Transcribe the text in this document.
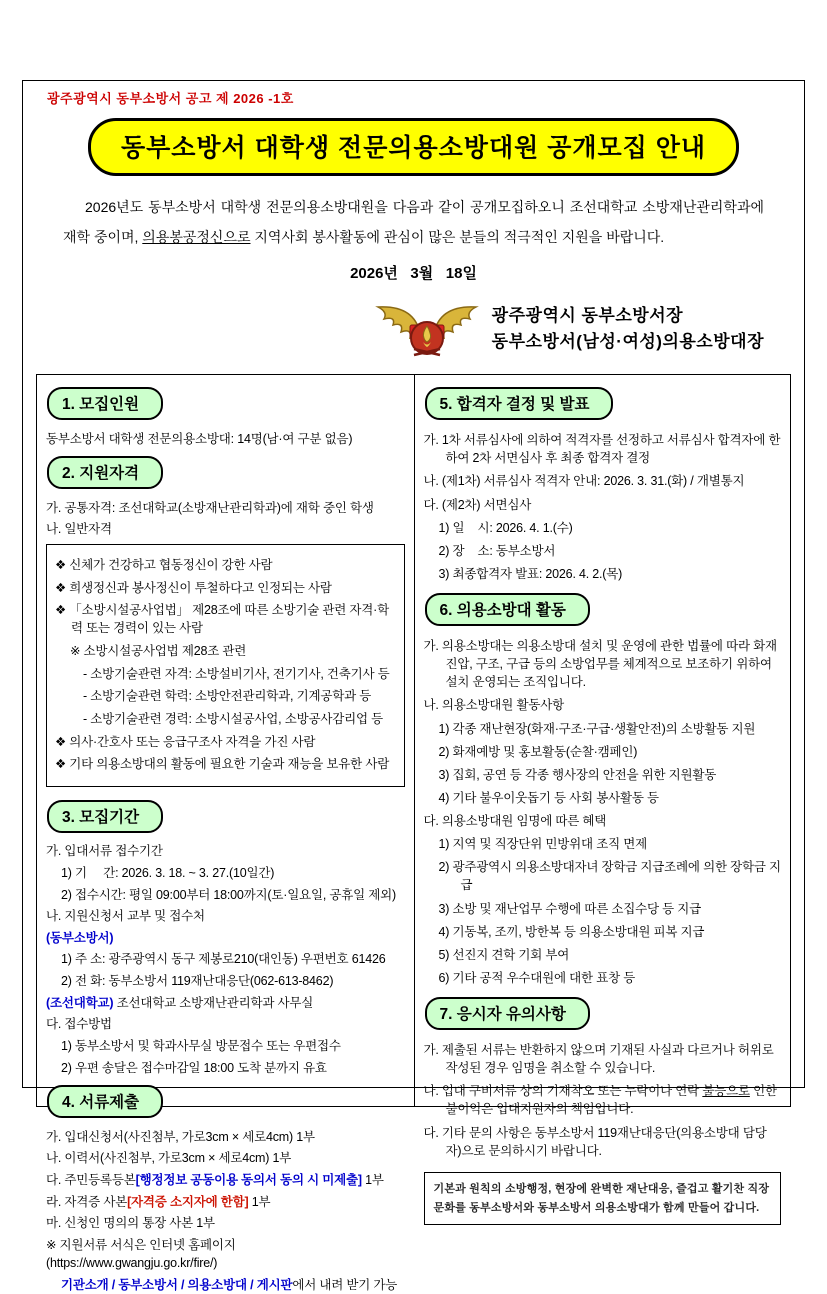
광주광역시 동부소방서 공고 제 2026 -1호
동부소방서 대학생 전문의용소방대원 공개모집 안내

2026년도 동부소방서 대학생 전문의용소방대원을 다음과 같이 공개모집하오니 조선대학교 소방재난관리학과에 재학 중이며, 의용봉공정신으로 지역사회 봉사활동에 관심이 많은 분들의 적극적인 지원을 바랍니다.

2026년   3월   18일
광주광역시 동부소방서장
동부소방서(남성·여성)의용소방대장
1. 모집인원
동부소방서 대학생 전문의용소방대: 14명(남·여 구분 없음)
2. 지원자격
가. 공통자격: 조선대학교(소방재난관리학과)에 재학 중인 학생
나. 일반자격
❖ 신체가 건강하고 협동정신이 강한 사람
❖ 희생정신과 봉사정신이 투철하다고 인정되는 사람
❖ 「소방시설공사업법」 제28조에 따른 소방기술 관련 자격·학력 또는 경력이 있는 사람
※ 소방시설공사업법 제28조 관련
- 소방기술관련 자격: 소방설비기사, 전기기사, 건축기사 등
- 소방기술관련 학력: 소방안전관리학과, 기계공학과 등
- 소방기술관련 경력: 소방시설공사업, 소방공사감리업 등
❖ 의사·간호사 또는 응급구조사 자격을 가진 사람
❖ 기타 의용소방대의 활동에 필요한 기술과 재능을 보유한 사람
3. 모집기간
가. 입대서류 접수기간
1) 기     간: 2026. 3. 18. ~ 3. 27.(10일간)
2) 접수시간: 평일 09:00부터 18:00까지(토·일요일, 공휴일 제외)
나. 지원신청서 교부 및 접수처
(동부소방서)
1) 주 소: 광주광역시 동구 제봉로210(대인동) 우편번호 61426
2) 전 화: 동부소방서 119재난대응단(062-613-8462)
(조선대학교) 조선대학교 소방재난관리학과 사무실
다. 접수방법
1) 동부소방서 및 학과사무실 방문접수 또는 우편접수
2) 우편 송달은 접수마감일 18:00 도착 분까지 유효
4. 서류제출
가. 입대신청서(사진첨부, 가로3cm × 세로4cm) 1부
나. 이력서(사진첨부, 가로3cm × 세로4cm) 1부
다. 주민등록등본[행정정보 공동이용 동의서 동의 시 미제출] 1부
라. 자격증 사본[자격증 소지자에 한함] 1부
마. 신청인 명의의 통장 사본 1부
※ 지원서류 서식은 인터넷 홈페이지 (https://www.gwangju.go.kr/fire/)
기관소개 / 동부소방서 / 의용소방대 / 게시판에서 내려 받기 가능
5. 합격자 결정 및 발표
가. 1차 서류심사에 의하여 적격자를 선정하고 서류심사 합격자에 한하여 2차 서면심사 후 최종 합격자 결정
나. (제1차) 서류심사 적격자 안내: 2026. 3. 31.(화) / 개별통지
다. (제2차) 서면심사
1) 일    시: 2026. 4. 1.(수)
2) 장    소: 동부소방서
3) 최종합격자 발표: 2026. 4. 2.(목)
6. 의용소방대 활동
가. 의용소방대는 의용소방대 설치 및 운영에 관한 법률에 따라 화재진압, 구조, 구급 등의 소방업무를 체계적으로 보조하기 위하여 설치 운영되는 조직입니다.
나. 의용소방대원 활동사항
1) 각종 재난현장(화재·구조·구급·생활안전)의 소방활동 지원
2) 화재예방 및 홍보활동(순찰·캠페인)
3) 집회, 공연 등 각종 행사장의 안전을 위한 지원활동
4) 기타 불우이웃돕기 등 사회 봉사활동 등
다. 의용소방대원 임명에 따른 혜택
1) 지역 및 직장단위 민방위대 조직 면제
2) 광주광역시 의용소방대자녀 장학금 지급조례에 의한 장학금 지급
3) 소방 및 재난업무 수행에 따른 소집수당 등 지급
4) 기동복, 조끼, 방한복 등 의용소방대원 피복 지급
5) 선진지 견학 기회 부여
6) 기타 공적 우수대원에 대한 표창 등
7. 응시자 유의사항
가. 제출된 서류는 반환하지 않으며 기재된 사실과 다르거나 허위로 작성된 경우 임명을 취소할 수 있습니다.
나. 입대 구비서류 상의 기재착오 또는 누락이나 연락 불능으로 인한 불이익은 입대지원자의 책임입니다.
다. 기타 문의 사항은 동부소방서 119재난대응단(의용소방대 담당자)으로 문의하시기 바랍니다.
기본과 원칙의 소방행정, 현장에 완벽한 재난대응, 즐겁고 활기찬 직장문화를 동부소방서와 동부소방서 의용소방대가 함께 만들어 갑니다.
